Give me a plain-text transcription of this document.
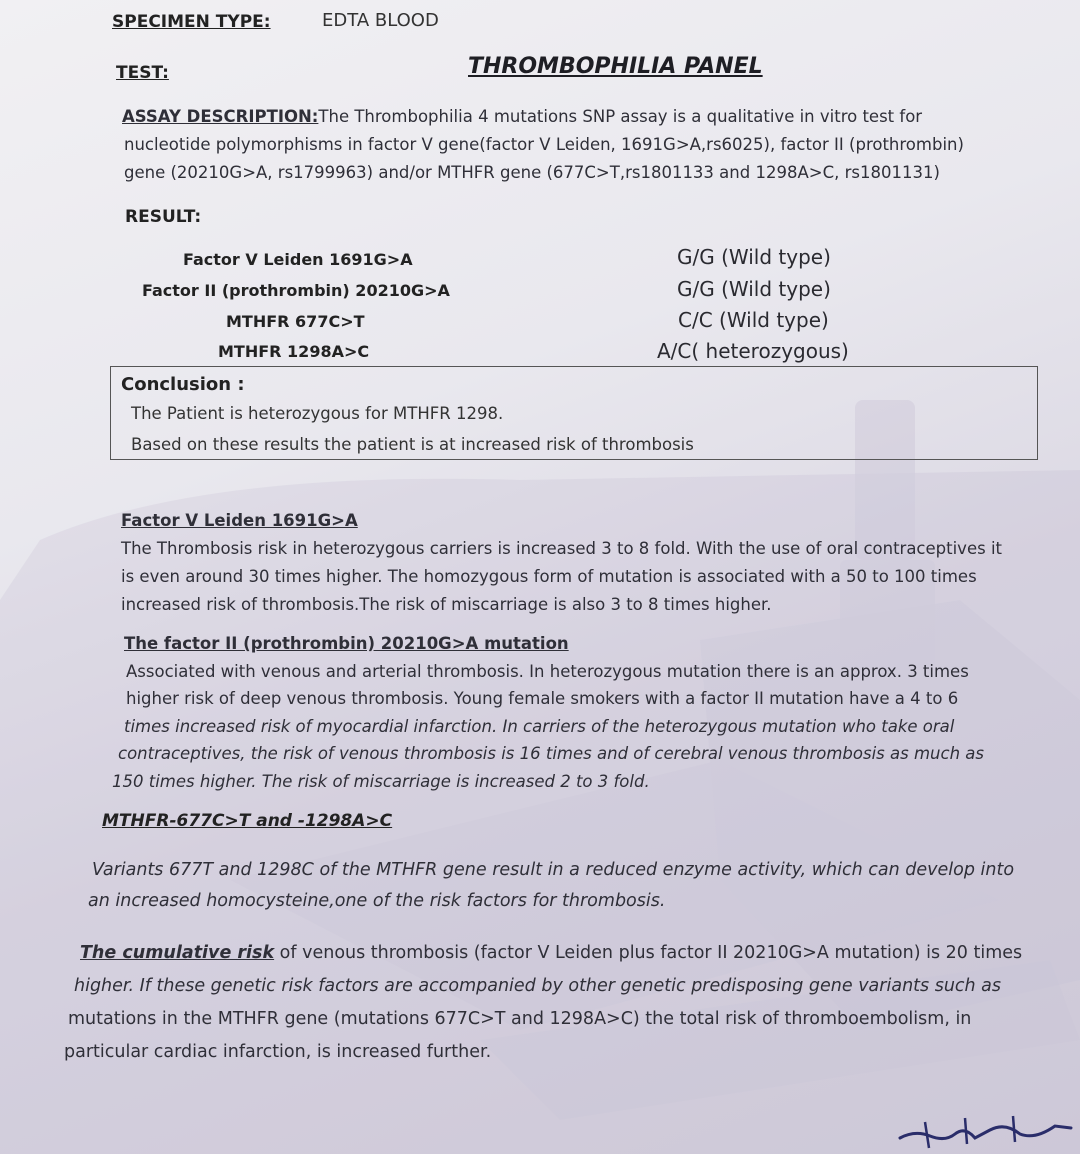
SPECIMEN TYPE:	EDTA BLOOD
TEST:	THROMBOPHILIA PANEL
ASSAY DESCRIPTION:The Thrombophilia 4 mutations SNP assay is a qualitative in vitro test for
nucleotide polymorphisms in factor V gene(factor V Leiden, 1691G>A,rs6025), factor II (prothrombin)
gene (20210G>A, rs1799963) and/or MTHFR gene (677C>T,rs1801133 and 1298A>C, rs1801131)
RESULT:
Factor V Leiden 1691G>A	G/G (Wild type)
Factor II (prothrombin) 20210G>A	G/G (Wild type)
MTHFR 677C>T	C/C (Wild type)
MTHFR 1298A>C	A/C( heterozygous)
Conclusion :
The Patient is heterozygous for MTHFR 1298.
Based on these results the patient is at increased risk of thrombosis
Factor V Leiden 1691G>A
The Thrombosis risk in heterozygous carriers is increased 3 to 8 fold. With the use of oral contraceptives it
is even around 30 times higher. The homozygous form of mutation is associated with a 50 to 100 times
increased risk of thrombosis.The risk of miscarriage is also 3 to 8 times higher.
The factor II (prothrombin) 20210G>A mutation
Associated with venous and arterial thrombosis. In heterozygous mutation there is an approx. 3 times
higher risk of deep venous thrombosis. Young female smokers with a factor II mutation have a 4 to 6
times increased risk of myocardial infarction. In carriers of the heterozygous mutation who take oral
contraceptives, the risk of venous thrombosis is 16 times and of cerebral venous thrombosis as much as
150 times higher. The risk of miscarriage is increased 2 to 3 fold.
MTHFR-677C>T and -1298A>C
Variants 677T and 1298C of the MTHFR gene result in a reduced enzyme activity, which can develop into
an increased homocysteine,one of the risk factors for thrombosis.
The cumulative risk of venous thrombosis (factor V Leiden plus factor II 20210G>A mutation) is 20 times
higher. If these genetic risk factors are accompanied by other genetic predisposing gene variants such as
mutations in the MTHFR gene (mutations 677C>T and 1298A>C) the total risk of thromboembolism, in
particular cardiac infarction, is increased further.
